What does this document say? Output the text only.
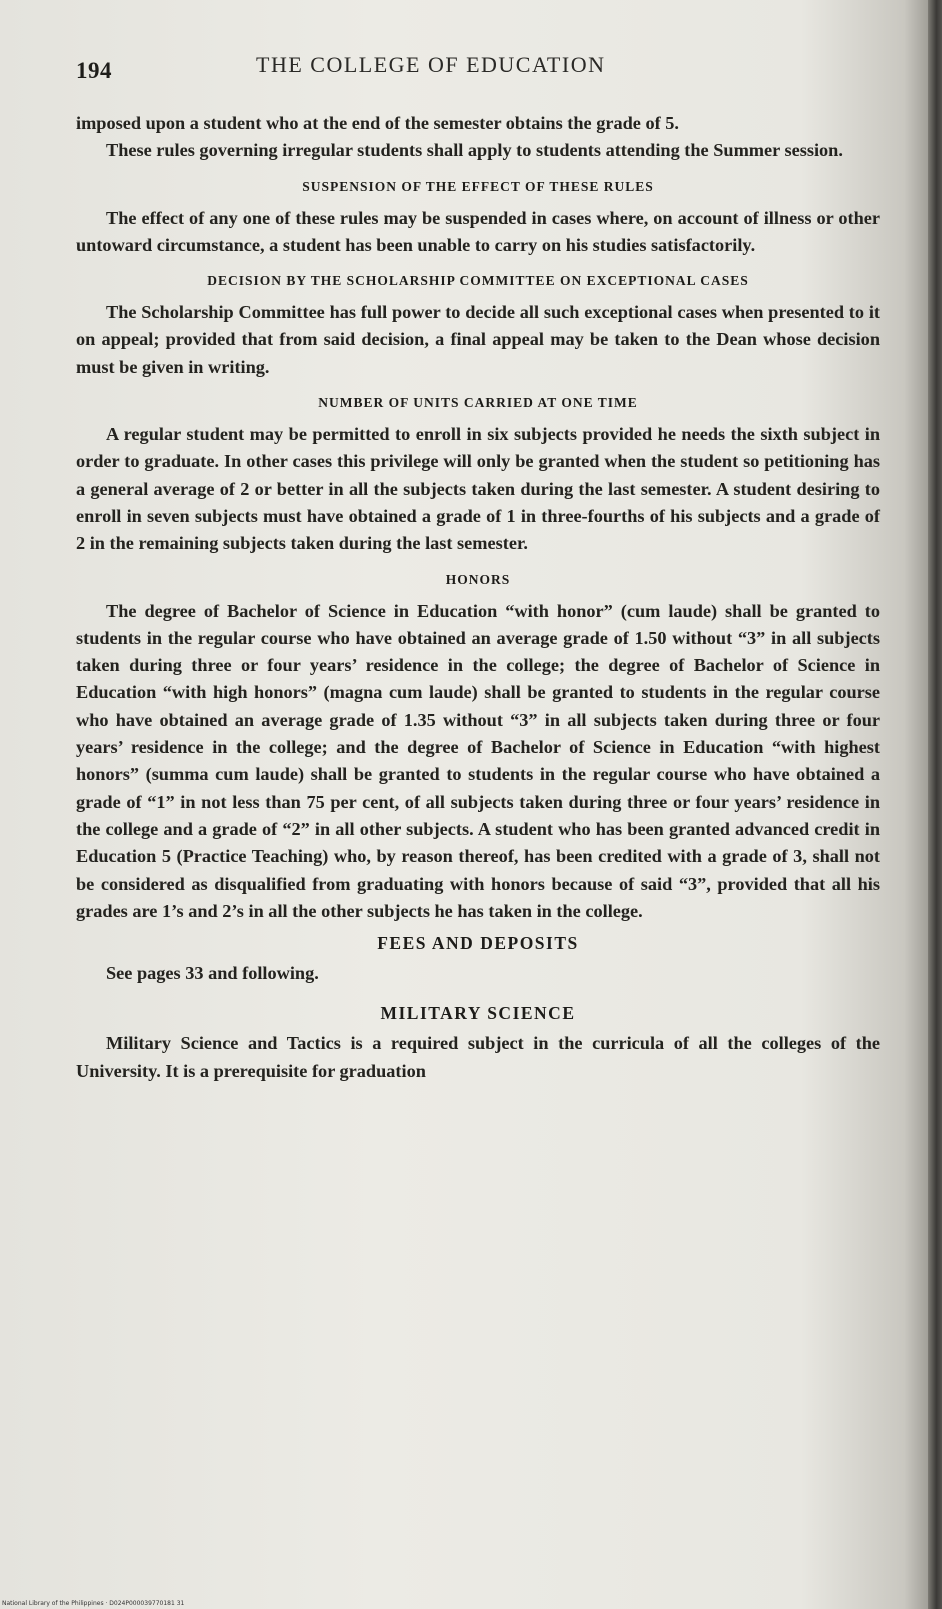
194	THE COLLEGE OF EDUCATION

imposed upon a student who at the end of the semester obtains the grade of 5.

These rules governing irregular students shall apply to students attending the Summer session.

SUSPENSION OF THE EFFECT OF THESE RULES

The effect of any one of these rules may be suspended in cases where, on account of illness or other untoward circumstance, a student has been unable to carry on his studies satisfactorily.

DECISION BY THE SCHOLARSHIP COMMITTEE ON EXCEPTIONAL CASES

The Scholarship Committee has full power to decide all such exceptional cases when presented to it on appeal; provided that from said decision, a final appeal may be taken to the Dean whose decision must be given in writing.

NUMBER OF UNITS CARRIED AT ONE TIME

A regular student may be permitted to enroll in six subjects provided he needs the sixth subject in order to graduate. In other cases this privilege will only be granted when the student so petitioning has a general average of 2 or better in all the subjects taken during the last semester. A student desiring to enroll in seven subjects must have obtained a grade of 1 in three-fourths of his subjects and a grade of 2 in the remaining subjects taken during the last semester.

HONORS

The degree of Bachelor of Science in Education “with honor” (cum laude) shall be granted to students in the regular course who have obtained an average grade of 1.50 without “3” in all subjects taken during three or four years’ residence in the college; the degree of Bachelor of Science in Education “with high honors” (magna cum laude) shall be granted to students in the regular course who have obtained an average grade of 1.35 without “3” in all subjects taken during three or four years’ residence in the college; and the degree of Bachelor of Science in Education “with highest honors” (summa cum laude) shall be granted to students in the regular course who have obtained a grade of “1” in not less than 75 per cent, of all subjects taken during three or four years’ residence in the college and a grade of “2” in all other subjects. A student who has been granted advanced credit in Education 5 (Practice Teaching) who, by reason thereof, has been credited with a grade of 3, shall not be considered as disqualified from graduating with honors because of said “3”, provided that all his grades are 1’s and 2’s in all the other subjects he has taken in the college.

FEES AND DEPOSITS

See pages 33 and following.

MILITARY SCIENCE

Military Science and Tactics is a required subject in the curricula of all the colleges of the University. It is a prerequisite for graduation

National Library of the Philippines · D024P000039770181 31
